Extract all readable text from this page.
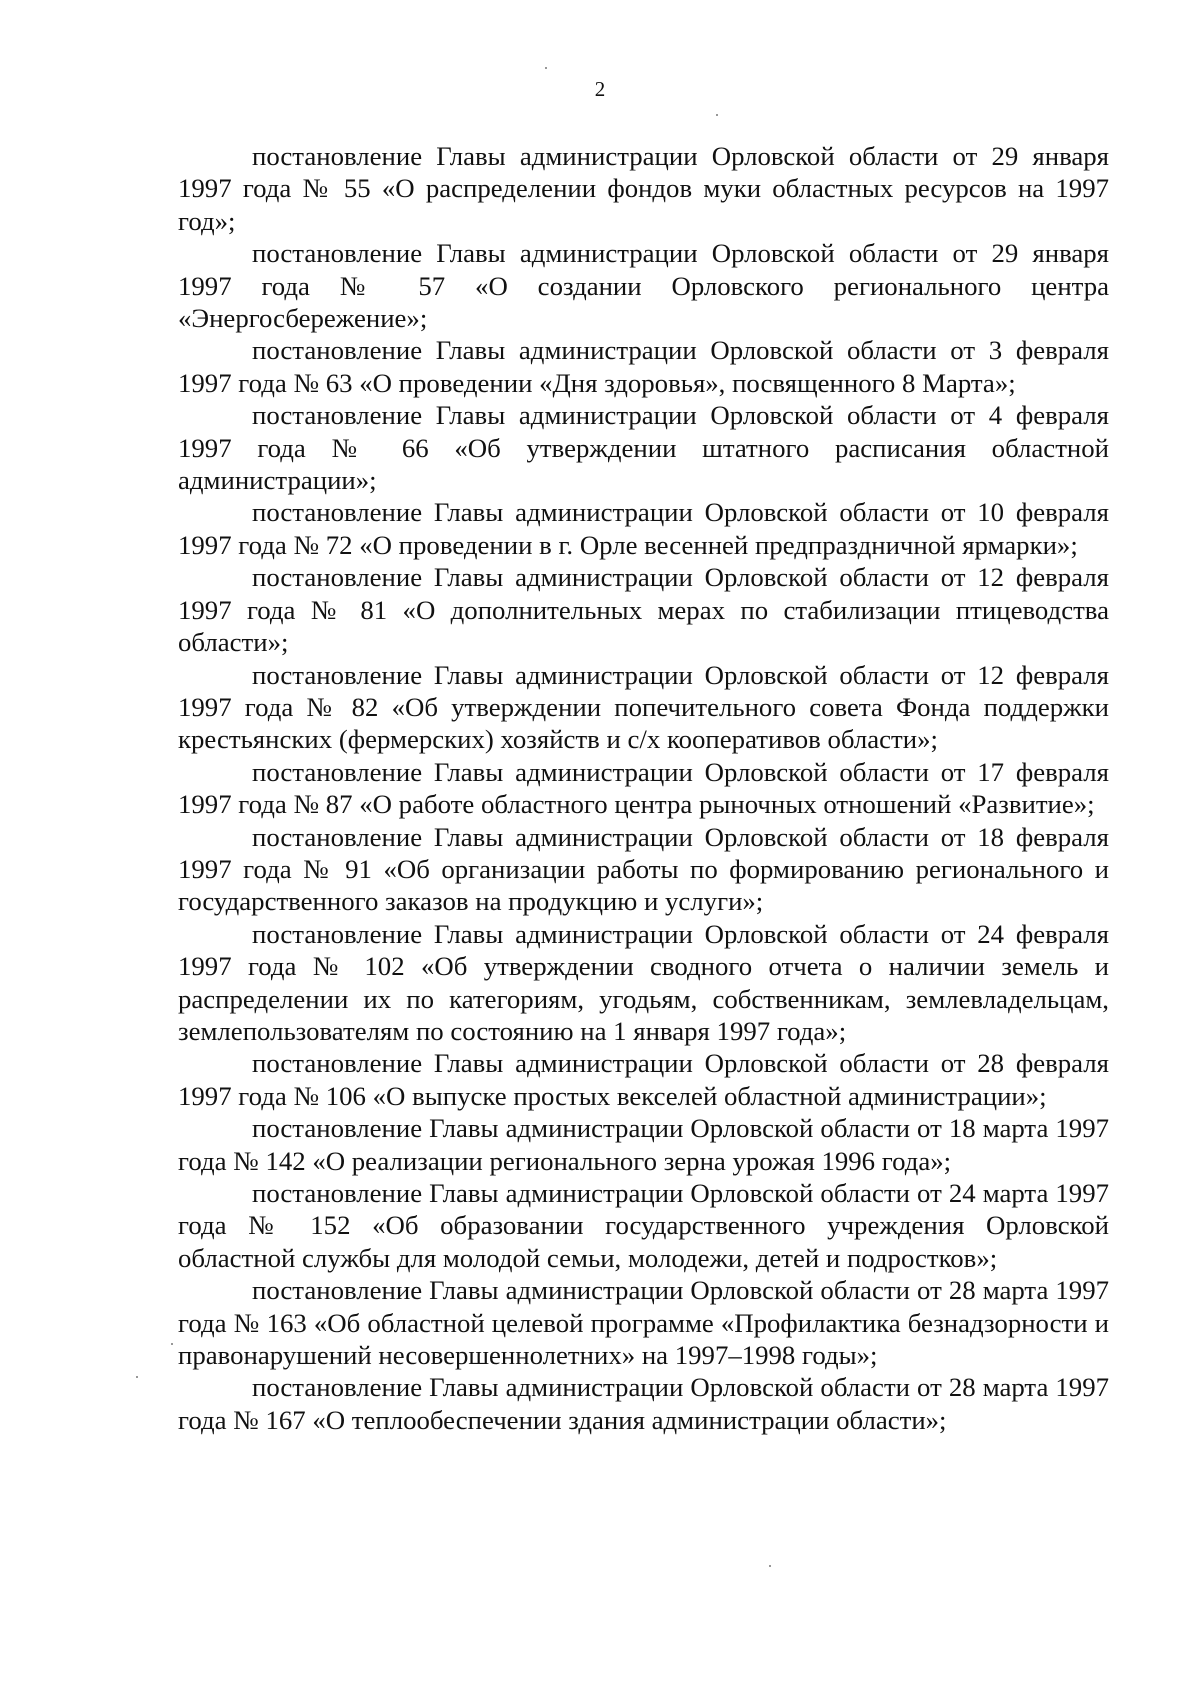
2

постановление Главы администрации Орловской области от 29 января 1997 года № 55 «О распределении фондов муки областных ресурсов на 1997 год»;

постановление Главы администрации Орловской области от 29 января 1997 года № 57 «О создании Орловского регионального центра «Энергосбережение»;

постановление Главы администрации Орловской области от 3 февраля 1997 года № 63 «О проведении «Дня здоровья», посвященного 8 Марта»;

постановление Главы администрации Орловской области от 4 февраля 1997 года № 66 «Об утверждении штатного расписания областной администрации»;

постановление Главы администрации Орловской области от 10 февраля 1997 года № 72 «О проведении в г. Орле весенней предпраздничной ярмарки»;

постановление Главы администрации Орловской области от 12 февраля 1997 года № 81 «О дополнительных мерах по стабилизации птицеводства области»;

постановление Главы администрации Орловской области от 12 февраля 1997 года № 82 «Об утверждении попечительного совета Фонда поддержки крестьянских (фермерских) хозяйств и с/х кооперативов области»;

постановление Главы администрации Орловской области от 17 февраля 1997 года № 87 «О работе областного центра рыночных отношений «Развитие»;

постановление Главы администрации Орловской области от 18 февраля 1997 года № 91 «Об организации работы по формированию регионального и государственного заказов на продукцию и услуги»;

постановление Главы администрации Орловской области от 24 февраля 1997 года № 102 «Об утверждении сводного отчета о наличии земель и распределении их по категориям, угодьям, собственникам, землевладельцам, землепользователям по состоянию на 1 января 1997 года»;

постановление Главы администрации Орловской области от 28 февраля 1997 года № 106 «О выпуске простых векселей областной администрации»;

постановление Главы администрации Орловской области от 18 марта 1997 года № 142 «О реализации регионального зерна урожая 1996 года»;

постановление Главы администрации Орловской области от 24 марта 1997 года № 152 «Об образовании государственного учреждения Орловской областной службы для молодой семьи, молодежи, детей и подростков»;

постановление Главы администрации Орловской области от 28 марта 1997 года № 163 «Об областной целевой программе «Профилактика безнадзорности и правонарушений несовершеннолетних» на 1997–1998 годы»;

постановление Главы администрации Орловской области от 28 марта 1997 года № 167 «О теплообеспечении здания администрации области»;
